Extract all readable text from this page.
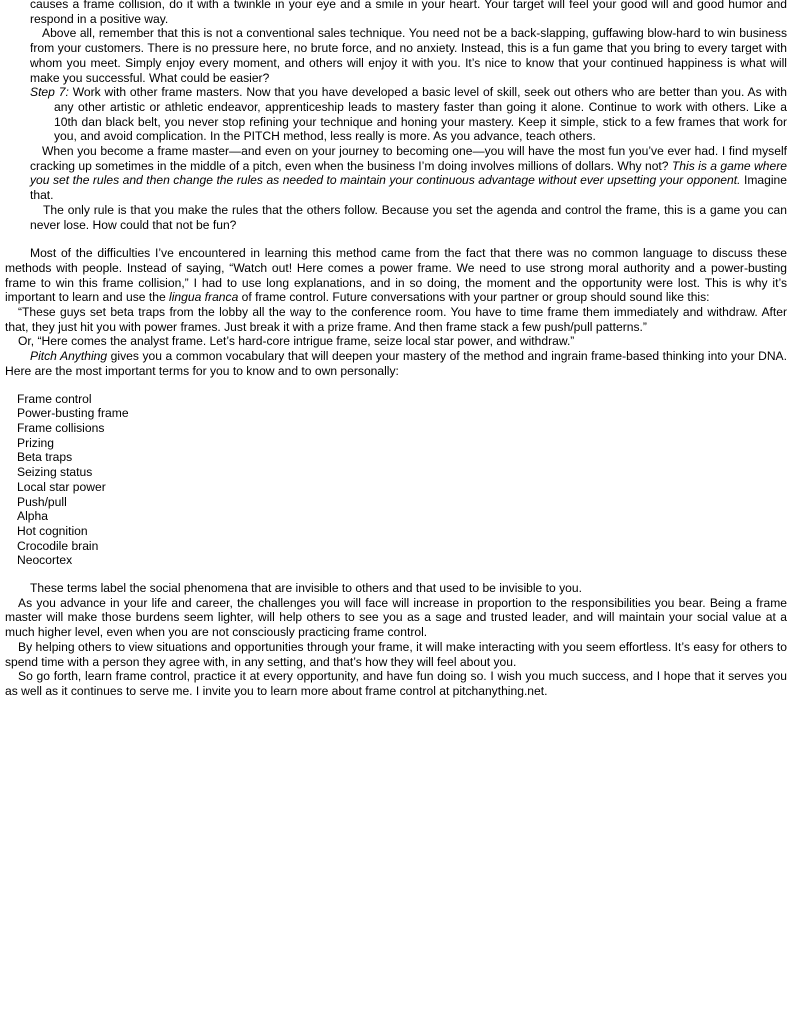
causes a frame collision, do it with a twinkle in your eye and a smile in your heart. Your target will feel your good will and good humor and respond in a positive way.

Above all, remember that this is not a conventional sales technique. You need not be a back-slapping, guffawing blow-hard to win business from your customers. There is no pressure here, no brute force, and no anxiety. Instead, this is a fun game that you bring to every target with whom you meet. Simply enjoy every moment, and others will enjoy it with you. It’s nice to know that your continued happiness is what will make you successful. What could be easier?

Step 7: Work with other frame masters. Now that you have developed a basic level of skill, seek out others who are better than you. As with any other artistic or athletic endeavor, apprenticeship leads to mastery faster than going it alone. Continue to work with others. Like a 10th dan black belt, you never stop refining your technique and honing your mastery. Keep it simple, stick to a few frames that work for you, and avoid complication. In the PITCH method, less really is more. As you advance, teach others.

When you become a frame master—and even on your journey to becoming one—you will have the most fun you’ve ever had. I find myself cracking up sometimes in the middle of a pitch, even when the business I’m doing involves millions of dollars. Why not? This is a game where you set the rules and then change the rules as needed to maintain your continuous advantage without ever upsetting your opponent. Imagine that.

The only rule is that you make the rules that the others follow. Because you set the agenda and control the frame, this is a game you can never lose. How could that not be fun?

Most of the difficulties I’ve encountered in learning this method came from the fact that there was no common language to discuss these methods with people. Instead of saying, “Watch out! Here comes a power frame. We need to use strong moral authority and a power-busting frame to win this frame collision,” I had to use long explanations, and in so doing, the moment and the opportunity were lost. This is why it’s important to learn and use the lingua franca of frame control. Future conversations with your partner or group should sound like this:

“These guys set beta traps from the lobby all the way to the conference room. You have to time frame them immediately and withdraw. After that, they just hit you with power frames. Just break it with a prize frame. And then frame stack a few push/pull patterns.”

Or, “Here comes the analyst frame. Let’s hard-core intrigue frame, seize local star power, and withdraw.”

Pitch Anything gives you a common vocabulary that will deepen your mastery of the method and ingrain frame-based thinking into your DNA. Here are the most important terms for you to know and to own personally:

Frame control
Power-busting frame
Frame collisions
Prizing
Beta traps
Seizing status
Local star power
Push/pull
Alpha
Hot cognition
Crocodile brain
Neocortex

These terms label the social phenomena that are invisible to others and that used to be invisible to you.

As you advance in your life and career, the challenges you will face will increase in proportion to the responsibilities you bear. Being a frame master will make those burdens seem lighter, will help others to see you as a sage and trusted leader, and will maintain your social value at a much higher level, even when you are not consciously practicing frame control.

By helping others to view situations and opportunities through your frame, it will make interacting with you seem effortless. It’s easy for others to spend time with a person they agree with, in any setting, and that’s how they will feel about you.

So go forth, learn frame control, practice it at every opportunity, and have fun doing so. I wish you much success, and I hope that it serves you as well as it continues to serve me. I invite you to learn more about frame control at pitchanything.net.
